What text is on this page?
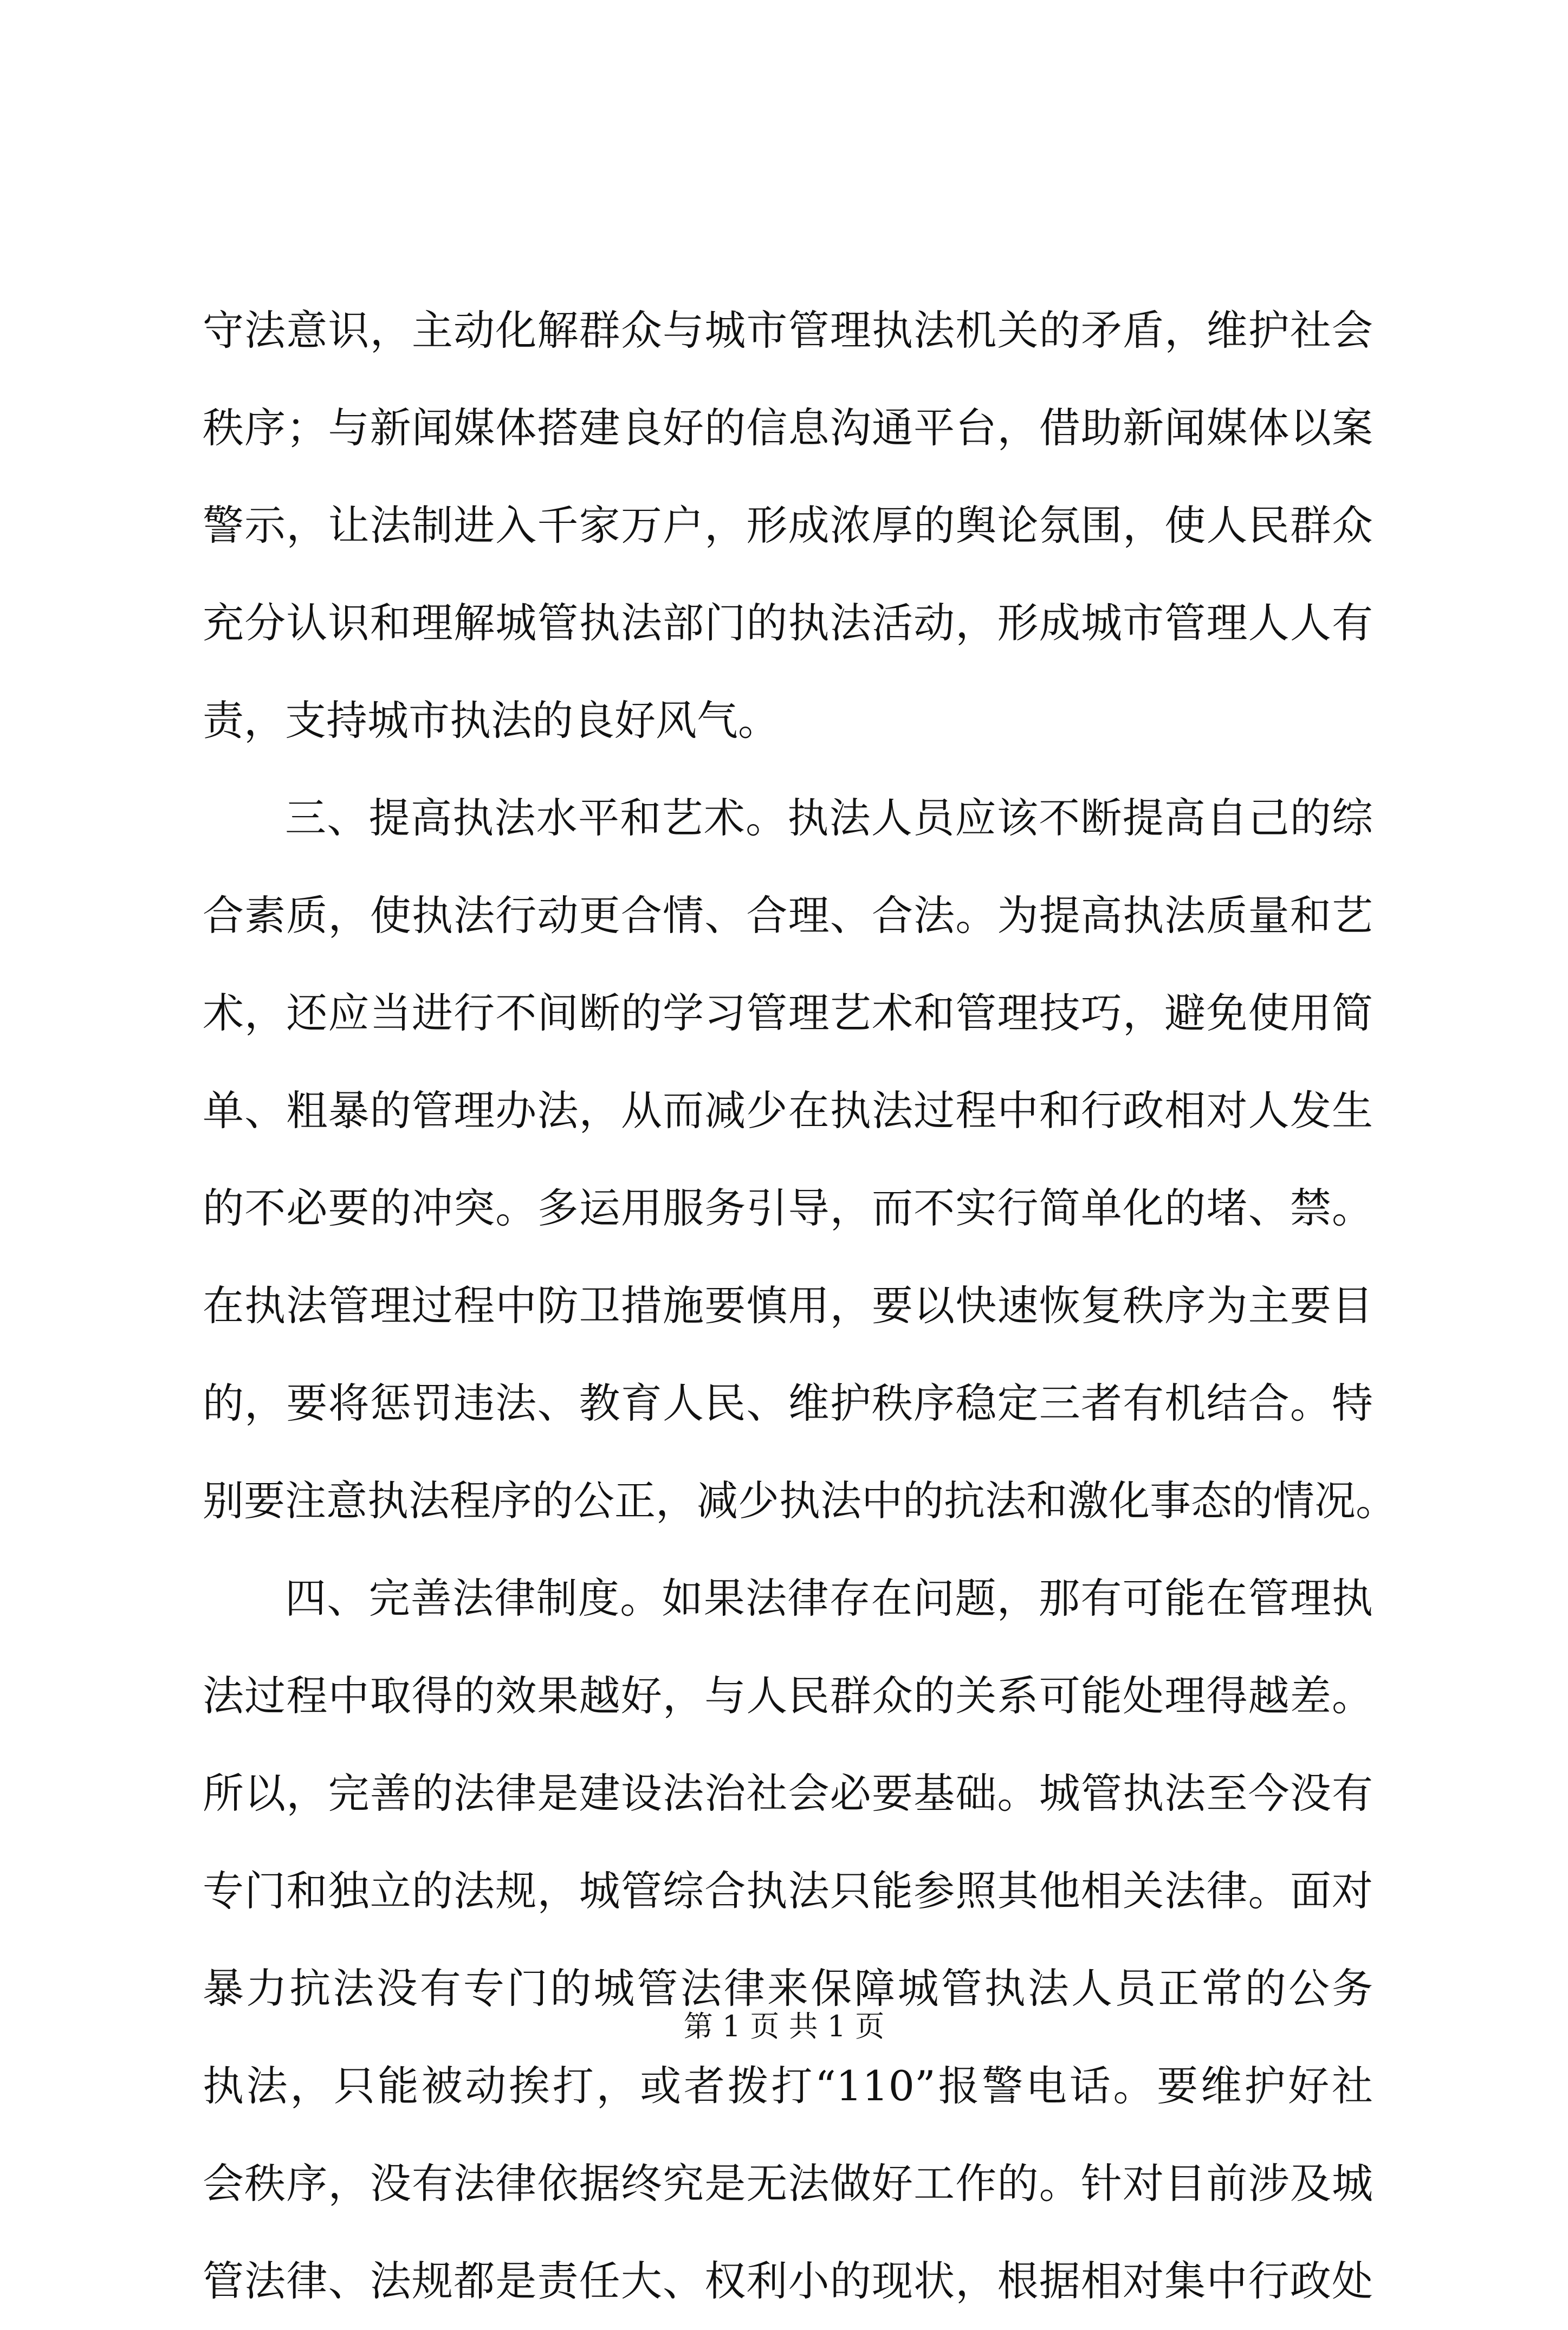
守法意识，主动化解群众与城市管理执法机关的矛盾，维护社会
秩序；与新闻媒体搭建良好的信息沟通平台，借助新闻媒体以案
警示，让法制进入千家万户，形成浓厚的舆论氛围，使人民群众
充分认识和理解城管执法部门的执法活动，形成城市管理人人有
责，支持城市执法的良好风气。
三、提高执法水平和艺术。执法人员应该不断提高自己的综
合素质，使执法行动更合情、合理、合法。为提高执法质量和艺
术，还应当进行不间断的学习管理艺术和管理技巧，避免使用简
单、粗暴的管理办法，从而减少在执法过程中和行政相对人发生
的不必要的冲突。多运用服务引导，而不实行简单化的堵、禁。
在执法管理过程中防卫措施要慎用，要以快速恢复秩序为主要目
的，要将惩罚违法、教育人民、维护秩序稳定三者有机结合。特
别要注意执法程序的公正，减少执法中的抗法和激化事态的情况。
四、完善法律制度。如果法律存在问题，那有可能在管理执
法过程中取得的效果越好，与人民群众的关系可能处理得越差。
所以，完善的法律是建设法治社会必要基础。城管执法至今没有
专门和独立的法规，城管综合执法只能参照其他相关法律。面对
暴力抗法没有专门的城管法律来保障城管执法人员正常的公务
执法，只能被动挨打，或者拨打“110”报警电话。要维护好社
会秩序，没有法律依据终究是无法做好工作的。针对目前涉及城
管法律、法规都是责任大、权利小的现状，根据相对集中行政处
第 1 页 共 1 页
